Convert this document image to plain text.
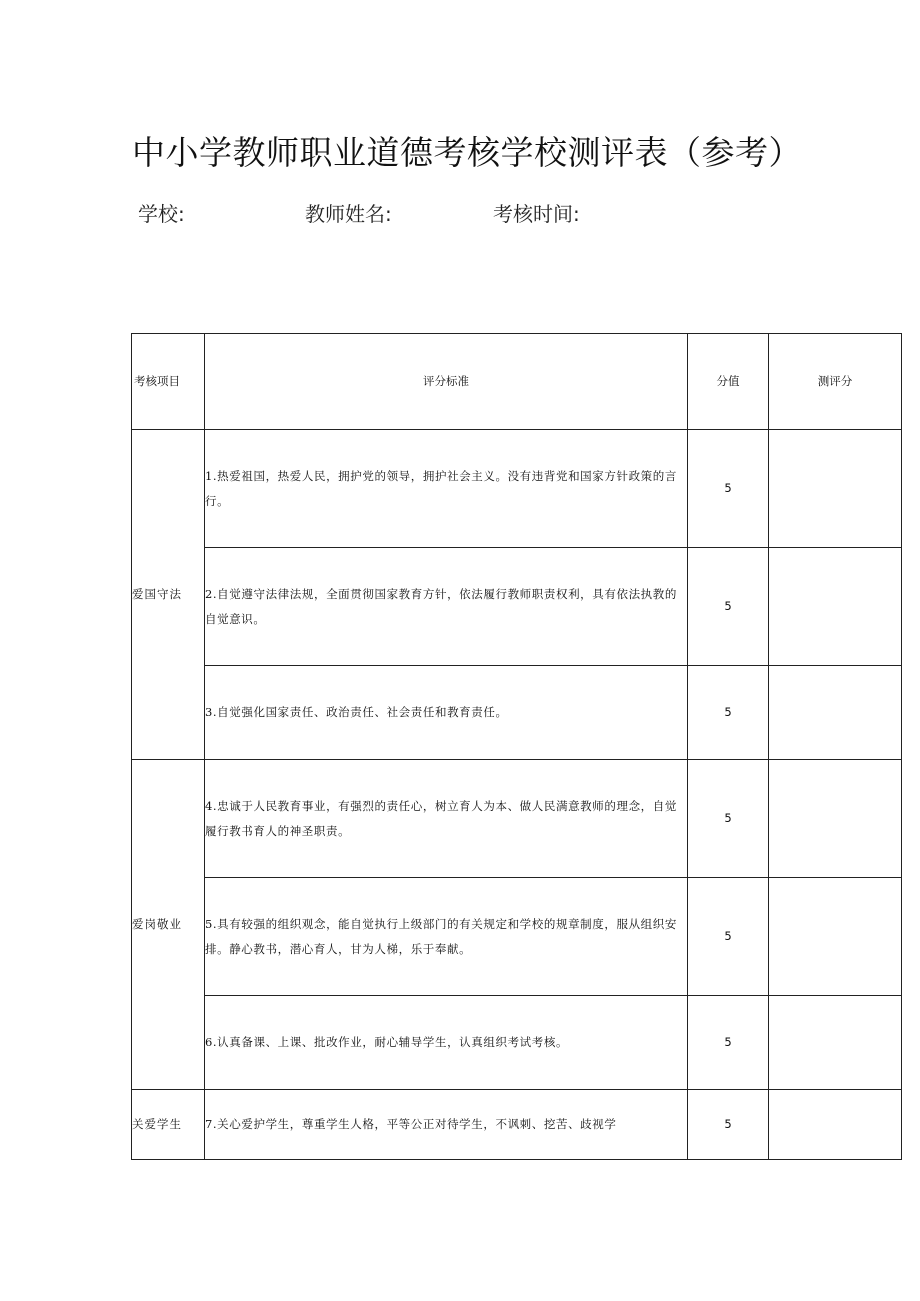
中小学教师职业道德考核学校测评表（参考）
学校:	教师姓名:	考核时间:
考核项目	评分标准	分值	测评分
爱国守法	1.热爱祖国，热爱人民，拥护党的领导，拥护社会主义。没有违背党和国家方针政策的言行。	5	
	2.自觉遵守法律法规，全面贯彻国家教育方针，依法履行教师职责权利，具有依法执教的自觉意识。	5	
	3.自觉强化国家责任、政治责任、社会责任和教育责任。	5	
爱岗敬业	4.忠诚于人民教育事业，有强烈的责任心，树立育人为本、做人民满意教师的理念，自觉履行教书育人的神圣职责。	5	
	5.具有较强的组织观念，能自觉执行上级部门的有关规定和学校的规章制度，服从组织安排。静心教书，潜心育人，甘为人梯，乐于奉献。	5	
	6.认真备课、上课、批改作业，耐心辅导学生，认真组织考试考核。	5	
关爱学生	7.关心爱护学生，尊重学生人格，平等公正对待学生，不讽刺、挖苦、歧视学	5	
